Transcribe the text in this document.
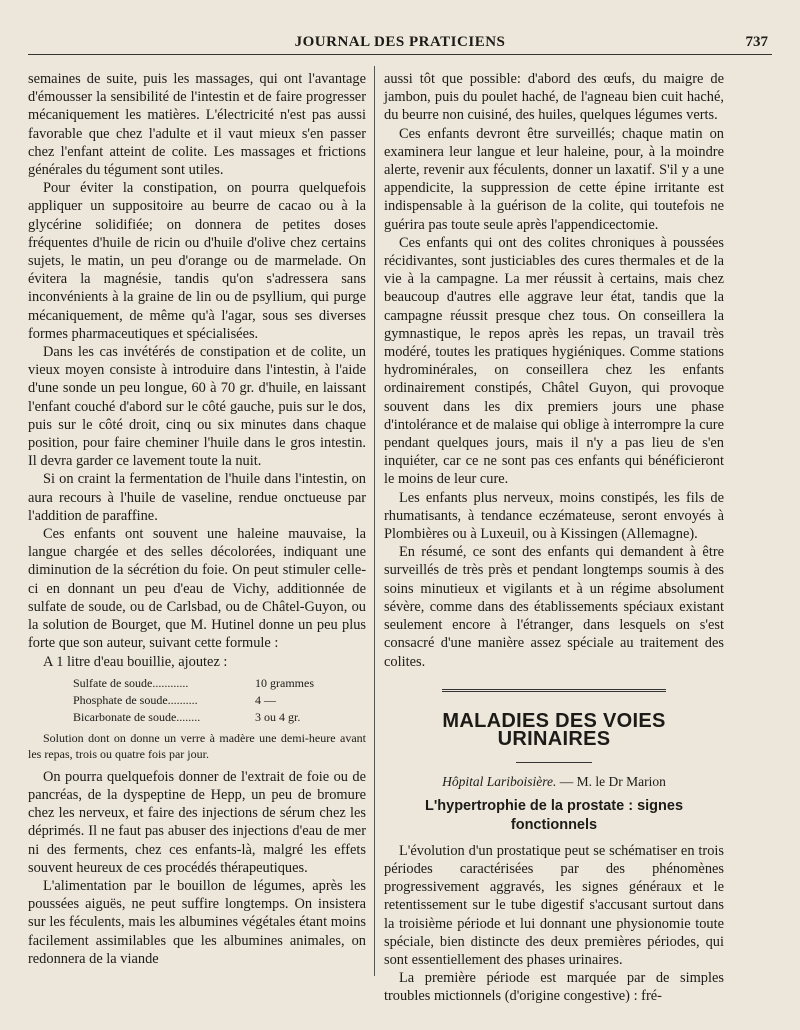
JOURNAL DES PRATICIENS	737

semaines de suite, puis les massages, qui ont l'avantage d'émousser la sensibilité de l'intestin et de faire progresser mécaniquement les matières. L'électricité n'est pas aussi favorable que chez l'adulte et il vaut mieux s'en passer chez l'enfant atteint de colite. Les massages et frictions générales du tégument sont utiles.

Pour éviter la constipation, on pourra quelquefois appliquer un suppositoire au beurre de cacao ou à la glycérine solidifiée; on donnera de petites doses fréquentes d'huile de ricin ou d'huile d'olive chez certains sujets, le matin, un peu d'orange ou de marmelade. On évitera la magnésie, tandis qu'on s'adressera sans inconvénients à la graine de lin ou de psyllium, qui purge mécaniquement, de même qu'à l'agar, sous ses diverses formes pharmaceutiques et spécialisées.

Dans les cas invétérés de constipation et de colite, un vieux moyen consiste à introduire dans l'intestin, à l'aide d'une sonde un peu longue, 60 à 70 gr. d'huile, en laissant l'enfant couché d'abord sur le côté gauche, puis sur le dos, puis sur le côté droit, cinq ou six minutes dans chaque position, pour faire cheminer l'huile dans le gros intestin. Il devra garder ce lavement toute la nuit.

Si on craint la fermentation de l'huile dans l'intestin, on aura recours à l'huile de vaseline, rendue onctueuse par l'addition de paraffine.

Ces enfants ont souvent une haleine mauvaise, la langue chargée et des selles décolorées, indiquant une diminution de la sécrétion du foie. On peut stimuler celle-ci en donnant un peu d'eau de Vichy, additionnée de sulfate de soude, ou de Carlsbad, ou de Châtel-Guyon, ou la solution de Bourget, que M. Hutinel donne un peu plus forte que son auteur, suivant cette formule :

A 1 litre d'eau bouillie, ajoutez :

Sulfate de soude............	10 grammes
Phosphate de soude..........	4 —
Bicarbonate de soude........	3 ou 4 gr.

Solution dont on donne un verre à madère une demi-heure avant les repas, trois ou quatre fois par jour.

On pourra quelquefois donner de l'extrait de foie ou de pancréas, de la dyspeptine de Hepp, un peu de bromure chez les nerveux, et faire des injections de sérum chez les déprimés. Il ne faut pas abuser des injections d'eau de mer ni des ferments, chez ces enfants-là, malgré les effets souvent heureux de ces procédés thérapeutiques.

L'alimentation par le bouillon de légumes, après les poussées aiguës, ne peut suffire longtemps. On insistera sur les féculents, mais les albumines végétales étant moins facilement assimilables que les albumines animales, on redonnera de la viande

aussi tôt que possible: d'abord des œufs, du maigre de jambon, puis du poulet haché, de l'agneau bien cuit haché, du beurre non cuisiné, des huiles, quelques légumes verts.

Ces enfants devront être surveillés; chaque matin on examinera leur langue et leur haleine, pour, à la moindre alerte, revenir aux féculents, donner un laxatif. S'il y a une appendicite, la suppression de cette épine irritante est indispensable à la guérison de la colite, qui toutefois ne guérira pas toute seule après l'appendicectomie.

Ces enfants qui ont des colites chroniques à poussées récidivantes, sont justiciables des cures thermales et de la vie à la campagne. La mer réussit à certains, mais chez beaucoup d'autres elle aggrave leur état, tandis que la campagne réussit presque chez tous. On conseillera la gymnastique, le repos après les repas, un travail très modéré, toutes les pratiques hygiéniques. Comme stations hydrominérales, on conseillera chez les enfants ordinairement constipés, Châtel Guyon, qui provoque souvent dans les dix premiers jours une phase d'intolérance et de malaise qui oblige à interrompre la cure pendant quelques jours, mais il n'y a pas lieu de s'en inquiéter, car ce ne sont pas ces enfants qui bénéficieront le moins de leur cure.

Les enfants plus nerveux, moins constipés, les fils de rhumatisants, à tendance eczémateuse, seront envoyés à Plombières ou à Luxeuil, ou à Kissingen (Allemagne).

En résumé, ce sont des enfants qui demandent à être surveillés de très près et pendant longtemps soumis à des soins minutieux et vigilants et à un régime absolument sévère, comme dans des établissements spéciaux existant seulement encore à l'étranger, dans lesquels on s'est consacré d'une manière assez spéciale au traitement des colites.

MALADIES DES VOIES URINAIRES
Hôpital Lariboisière. — M. le Dr Marion
L'hypertrophie de la prostate : signes fonctionnels

L'évolution d'un prostatique peut se schématiser en trois périodes caractérisées par des phénomènes progressivement aggravés, les signes généraux et le retentissement sur le tube digestif s'accusant surtout dans la troisième période et lui donnant une physionomie toute spéciale, bien distincte des deux premières périodes, qui sont essentiellement des phases urinaires.

La première période est marquée par de simples troubles mictionnels (d'origine congestive) : fré-
